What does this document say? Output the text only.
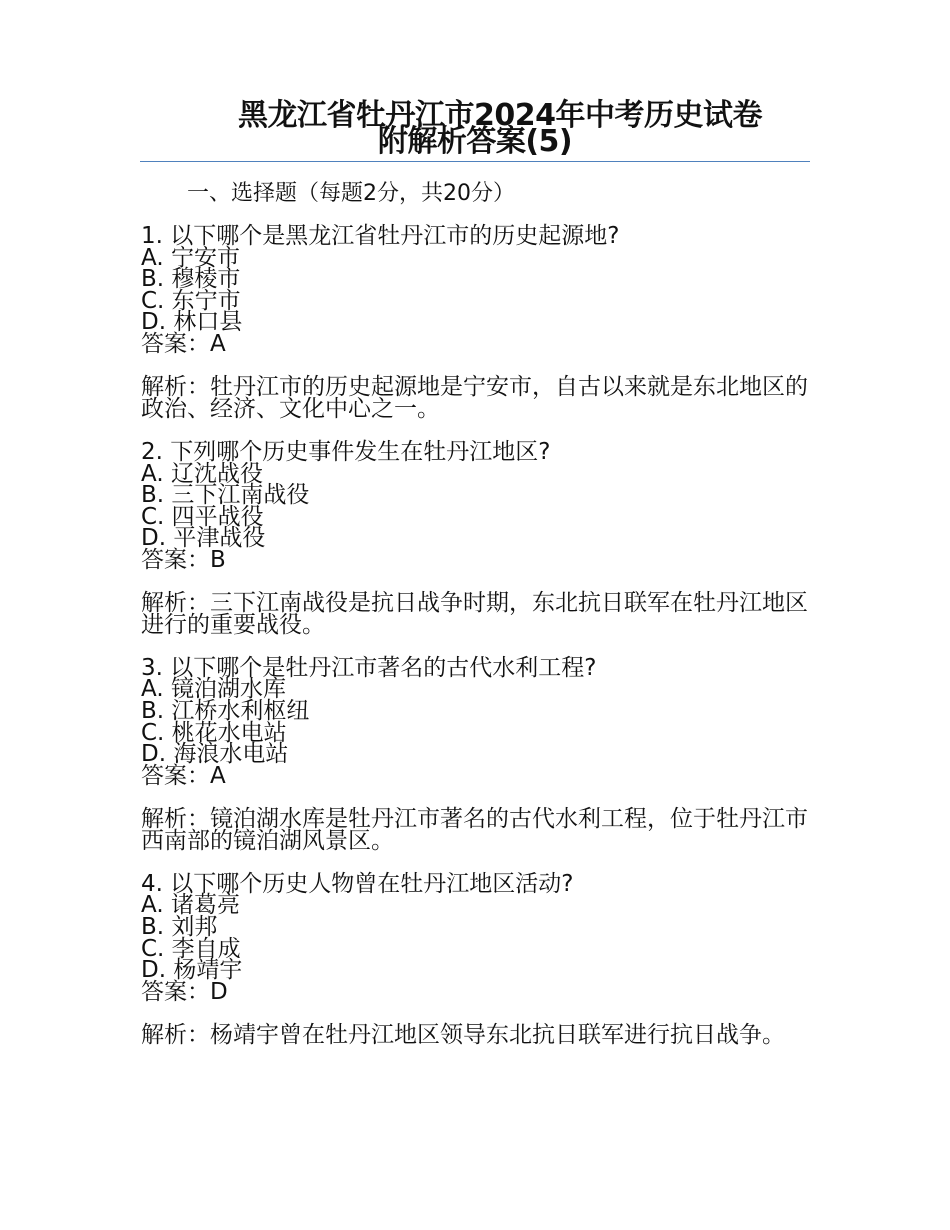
黑龙江省牡丹江市2024年中考历史试卷
附解析答案(5)
一、选择题（每题2分，共20分）
1. 以下哪个是黑龙江省牡丹江市的历史起源地?
A. 宁安市
B. 穆棱市
C. 东宁市
D. 林口县
答案：A
解析：牡丹江市的历史起源地是宁安市，自古以来就是东北地区的政治、经济、文化中心之一。
2. 下列哪个历史事件发生在牡丹江地区?
A. 辽沈战役
B. 三下江南战役
C. 四平战役
D. 平津战役
答案：B
解析：三下江南战役是抗日战争时期，东北抗日联军在牡丹江地区进行的重要战役。
3. 以下哪个是牡丹江市著名的古代水利工程?
A. 镜泊湖水库
B. 江桥水利枢纽
C. 桃花水电站
D. 海浪水电站
答案：A
解析：镜泊湖水库是牡丹江市著名的古代水利工程，位于牡丹江市西南部的镜泊湖风景区。
4. 以下哪个历史人物曾在牡丹江地区活动?
A. 诸葛亮
B. 刘邦
C. 李自成
D. 杨靖宇
答案：D
解析：杨靖宇曾在牡丹江地区领导东北抗日联军进行抗日战争。
